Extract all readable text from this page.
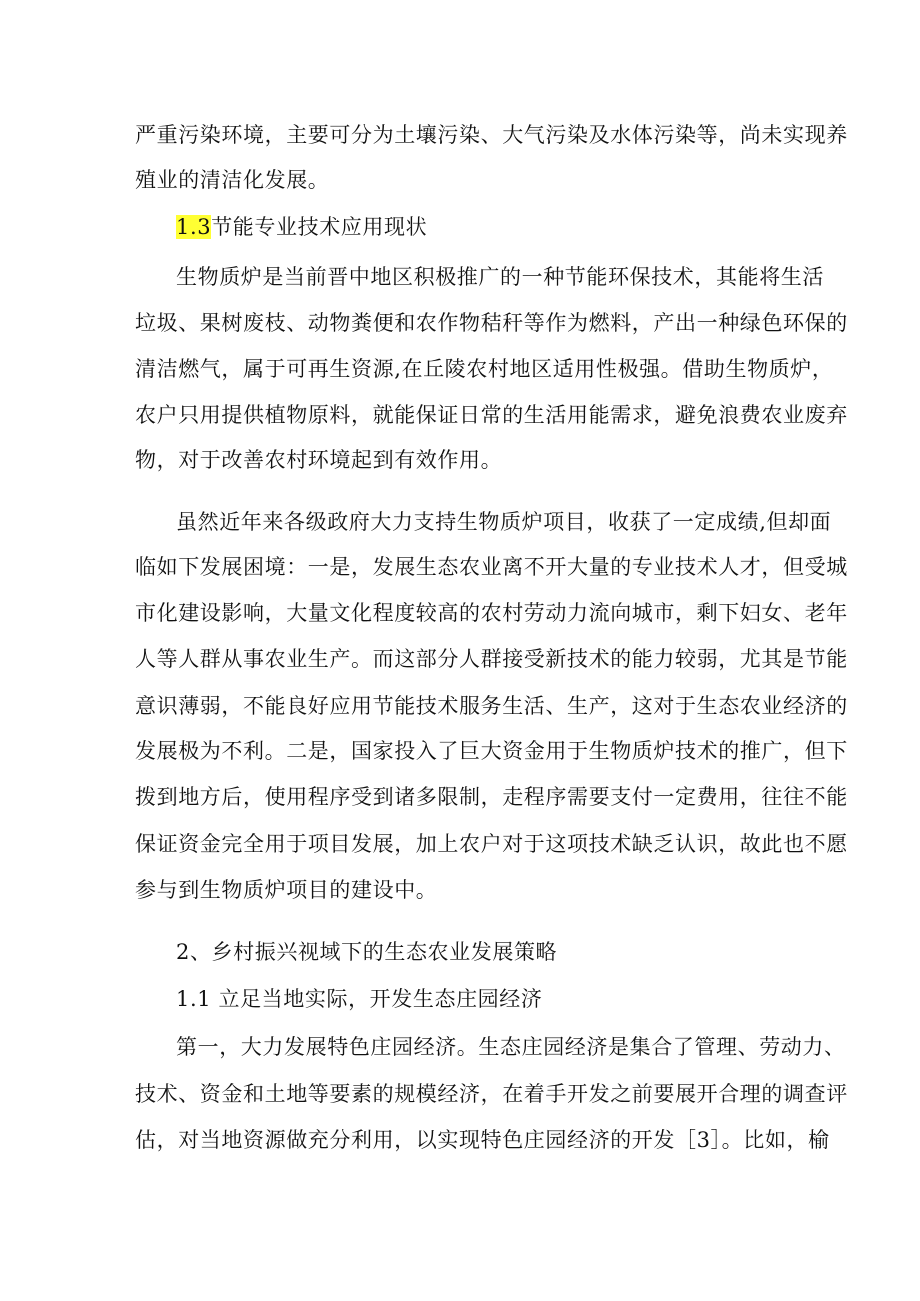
严重污染环境，主要可分为土壤污染、大气污染及水体污染等，尚未实现养
殖业的清洁化发展。
1.3节能专业技术应用现状
生物质炉是当前晋中地区积极推广的一种节能环保技术，其能将生活
垃圾、果树废枝、动物粪便和农作物秸秆等作为燃料，产出一种绿色环保的
清洁燃气，属于可再生资源,在丘陵农村地区适用性极强。借助生物质炉，
农户只用提供植物原料，就能保证日常的生活用能需求，避免浪费农业废弃
物，对于改善农村环境起到有效作用。
虽然近年来各级政府大力支持生物质炉项目，收获了一定成绩,但却面
临如下发展困境：一是，发展生态农业离不开大量的专业技术人才，但受城
市化建设影响，大量文化程度较高的农村劳动力流向城市，剩下妇女、老年
人等人群从事农业生产。而这部分人群接受新技术的能力较弱，尤其是节能
意识薄弱，不能良好应用节能技术服务生活、生产，这对于生态农业经济的
发展极为不利。二是，国家投入了巨大资金用于生物质炉技术的推广，但下
拨到地方后，使用程序受到诸多限制，走程序需要支付一定费用，往往不能
保证资金完全用于项目发展，加上农户对于这项技术缺乏认识，故此也不愿
参与到生物质炉项目的建设中。
2、乡村振兴视域下的生态农业发展策略
1.1 立足当地实际，开发生态庄园经济
第一，大力发展特色庄园经济。生态庄园经济是集合了管理、劳动力、
技术、资金和土地等要素的规模经济，在着手开发之前要展开合理的调查评
估，对当地资源做充分利用，以实现特色庄园经济的开发［3］。比如，榆
